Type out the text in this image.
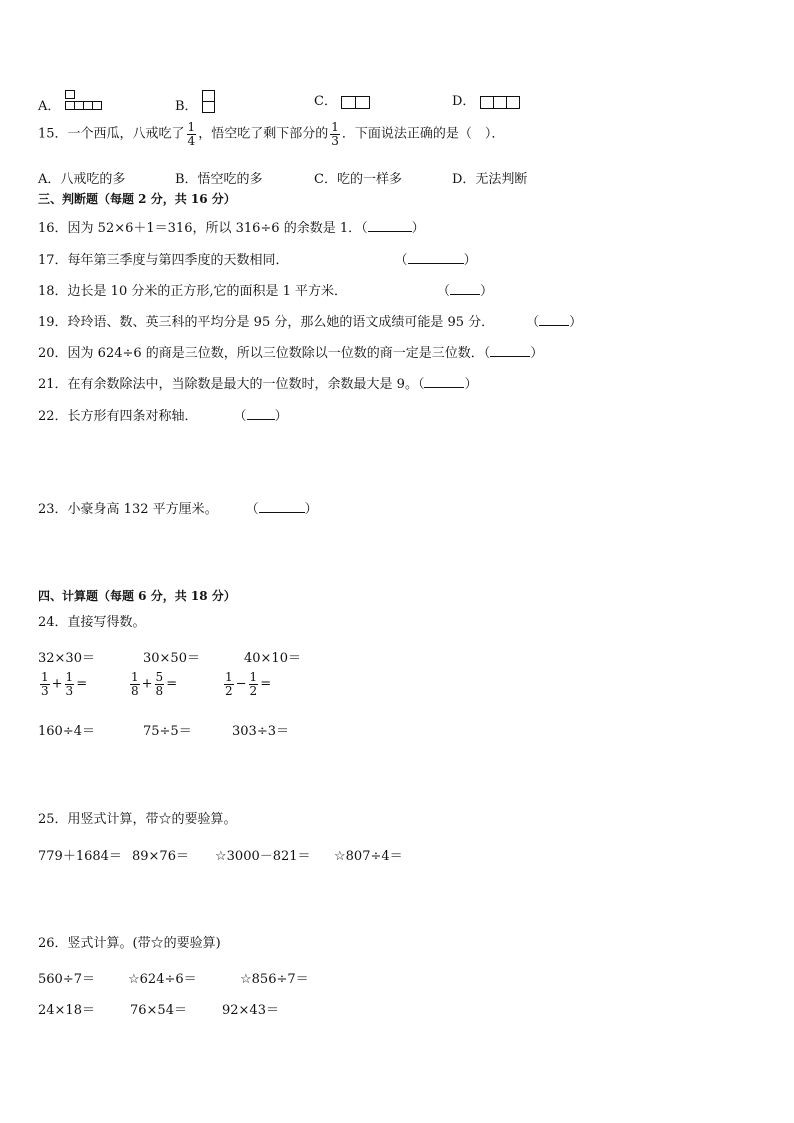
A．	B．	C．	D．
15．一个西瓜，八戒吃了 $\frac{1}{4}$ ，悟空吃了剩下部分的 $\frac{1}{3}$ ．下面说法正确的是（　）．
A．八戒吃的多	B．悟空吃的多	C．吃的一样多	D．无法判断
三、判断题（每题 2 分，共 16 分）
16．因为 52×6＋1＝316，所以 316÷6 的余数是 1．（	）
17．每年第三季度与第四季度的天数相同．	（	）
18．边长是 10 分米的正方形,它的面积是 1 平方米．	（ ）
19．玲玲语、数、英三科的平均分是 95 分，那么她的语文成绩可能是 95 分． （ ）
20．因为 624÷6 的商是三位数，所以三位数除以一位数的商一定是三位数．（	）
21．在有余数除法中，当除数是最大的一位数时，余数最大是 9。（	）
22．长方形有四条对称轴．	（ ）
23．小豪身高 132 平方厘米。 （	）
四、计算题（每题 6 分，共 18 分）
24．直接写得数。
32×30＝	30×50＝	40×10＝
$\frac{1}{3} + \frac{1}{3}$ =	$\frac{1}{8} + \frac{5}{8}$ =	$\frac{1}{2} - \frac{1}{2}$ =
160÷4＝	75÷5＝	303÷3＝
25．用竖式计算，带☆的要验算。
779＋1684＝ 89×76＝ ☆3000－821＝ ☆807÷4＝
26．竖式计算。(带☆的要验算)
560÷7＝	☆624÷6＝	☆856÷7＝
24×18＝	76×54＝	92×43＝
